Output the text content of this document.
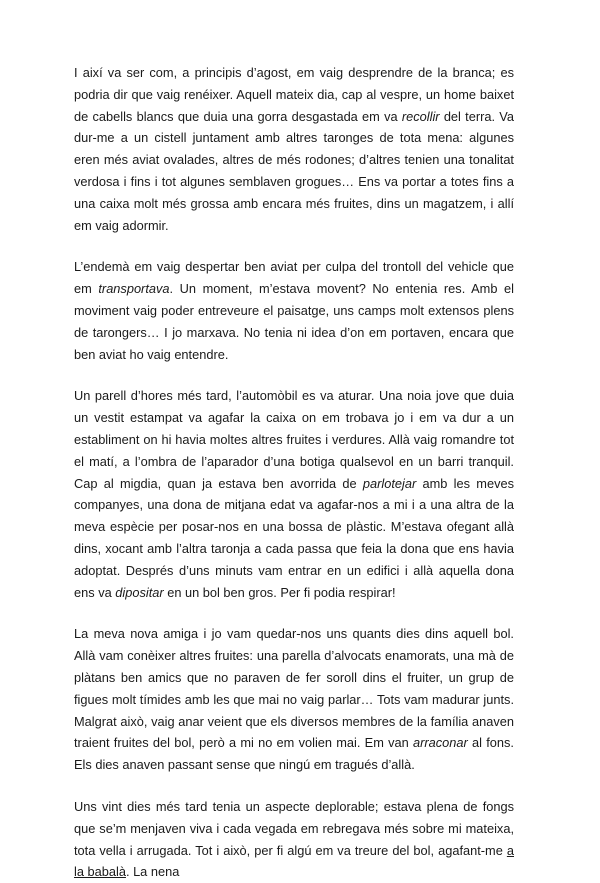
I així va ser com, a principis d’agost, em vaig desprendre de la branca; es podria dir que vaig renéixer. Aquell mateix dia, cap al vespre, un home baixet de cabells blancs que duia una gorra desgastada em va recollir del terra. Va dur-me a un cistell juntament amb altres taronges de tota mena: algunes eren més aviat ovalades, altres de més rodones; d’altres tenien una tonalitat verdosa i fins i tot algunes semblaven grogues… Ens va portar a totes fins a una caixa molt més grossa amb encara més fruites, dins un magatzem, i allí em vaig adormir.

L’endemà em vaig despertar ben aviat per culpa del trontoll del vehicle que em transportava. Un moment, m’estava movent? No entenia res. Amb el moviment vaig poder entreveure el paisatge, uns camps molt extensos plens de tarongers… I jo marxava. No tenia ni idea d’on em portaven, encara que ben aviat ho vaig entendre.

Un parell d’hores més tard, l’automòbil es va aturar. Una noia jove que duia un vestit estampat va agafar la caixa on em trobava jo i em va dur a un establiment on hi havia moltes altres fruites i verdures. Allà vaig romandre tot el matí, a l’ombra de l’aparador d’una botiga qualsevol en un barri tranquil. Cap al migdia, quan ja estava ben avorrida de parlotejar amb les meves companyes, una dona de mitjana edat va agafar-nos a mi i a una altra de la meva espècie per posar-nos en una bossa de plàstic. M’estava ofegant allà dins, xocant amb l’altra taronja a cada passa que feia la dona que ens havia adoptat. Després d’uns minuts vam entrar en un edifici i allà aquella dona ens va dipositar en un bol ben gros. Per fi podia respirar!

La meva nova amiga i jo vam quedar-nos uns quants dies dins aquell bol. Allà vam conèixer altres fruites: una parella d’alvocats enamorats, una mà de plàtans ben amics que no paraven de fer soroll dins el fruiter, un grup de figues molt tímides amb les que mai no vaig parlar… Tots vam madurar junts. Malgrat això, vaig anar veient que els diversos membres de la família anaven traient fruites del bol, però a mi no em volien mai. Em van arraconar al fons. Els dies anaven passant sense que ningú em tragués d’allà.

Uns vint dies més tard tenia un aspecte deplorable; estava plena de fongs que se’m menjaven viva i cada vegada em rebregava més sobre mi mateixa, tota vella i arrugada. Tot i això, per fi algú em va treure del bol, agafant-me a la babalà. La nena
